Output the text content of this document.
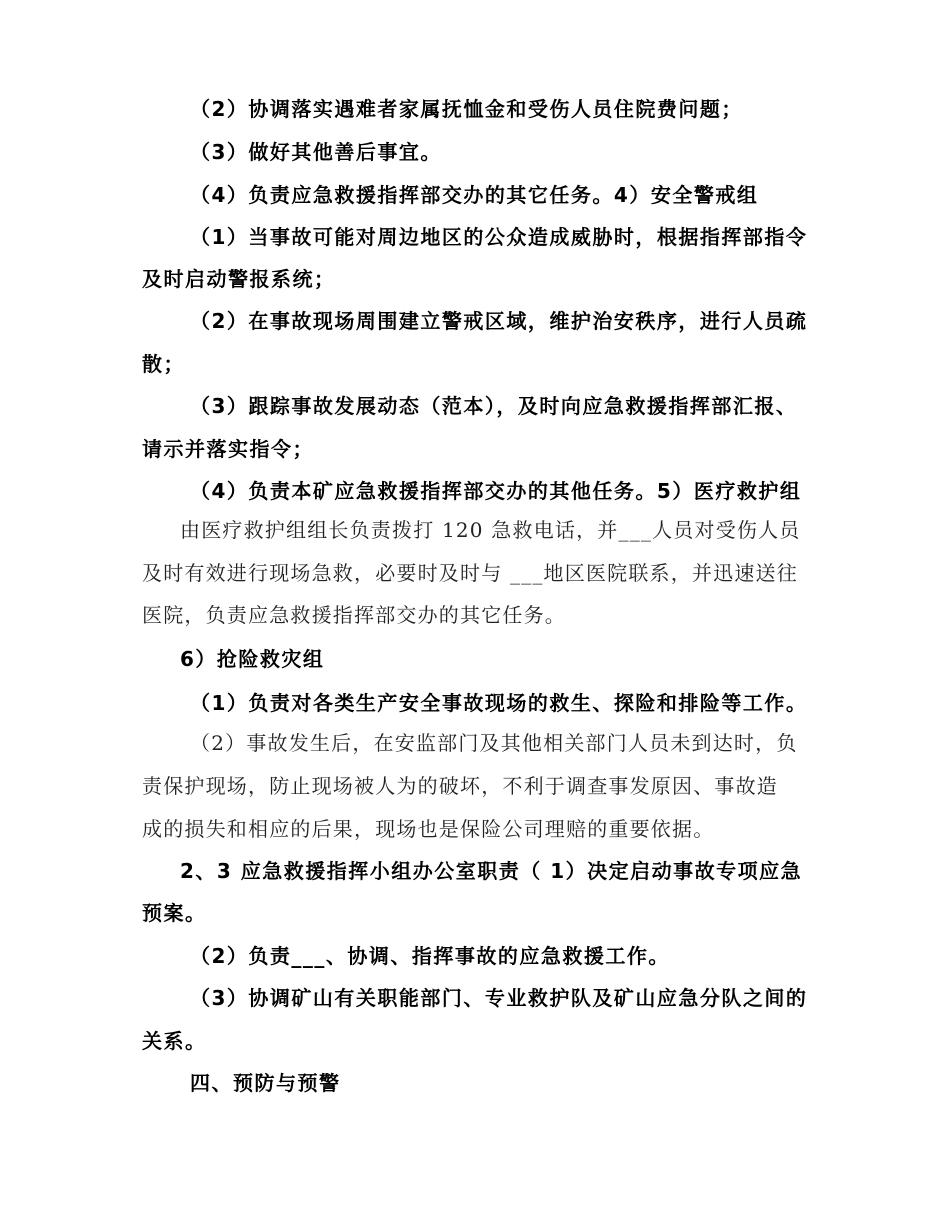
（2）协调落实遇难者家属抚恤金和受伤人员住院费问题；
（3）做好其他善后事宜。
（4）负责应急救援指挥部交办的其它任务。4）安全警戒组
（1）当事故可能对周边地区的公众造成威胁时，根据指挥部指令
及时启动警报系统；
（2）在事故现场周围建立警戒区域，维护治安秩序，进行人员疏
散；
（3）跟踪事故发展动态（范本），及时向应急救援指挥部汇报、
请示并落实指令；
（4）负责本矿应急救援指挥部交办的其他任务。5）医疗救护组
由医疗救护组组长负责拨打 120 急救电话，并___人员对受伤人员
及时有效进行现场急救，必要时及时与 ___地区医院联系，并迅速送往
医院，负责应急救援指挥部交办的其它任务。
6）抢险救灾组
（1）负责对各类生产安全事故现场的救生、探险和排险等工作。
（2）事故发生后，在安监部门及其他相关部门人员未到达时，负
责保护现场，防止现场被人为的破坏，不利于调查事发原因、事故造
成的损失和相应的后果，现场也是保险公司理赔的重要依据。
2、3 应急救援指挥小组办公室职责（ 1）决定启动事故专项应急
预案。
（2）负责___、协调、指挥事故的应急救援工作。
（3）协调矿山有关职能部门、专业救护队及矿山应急分队之间的
关系。
四、预防与预警
